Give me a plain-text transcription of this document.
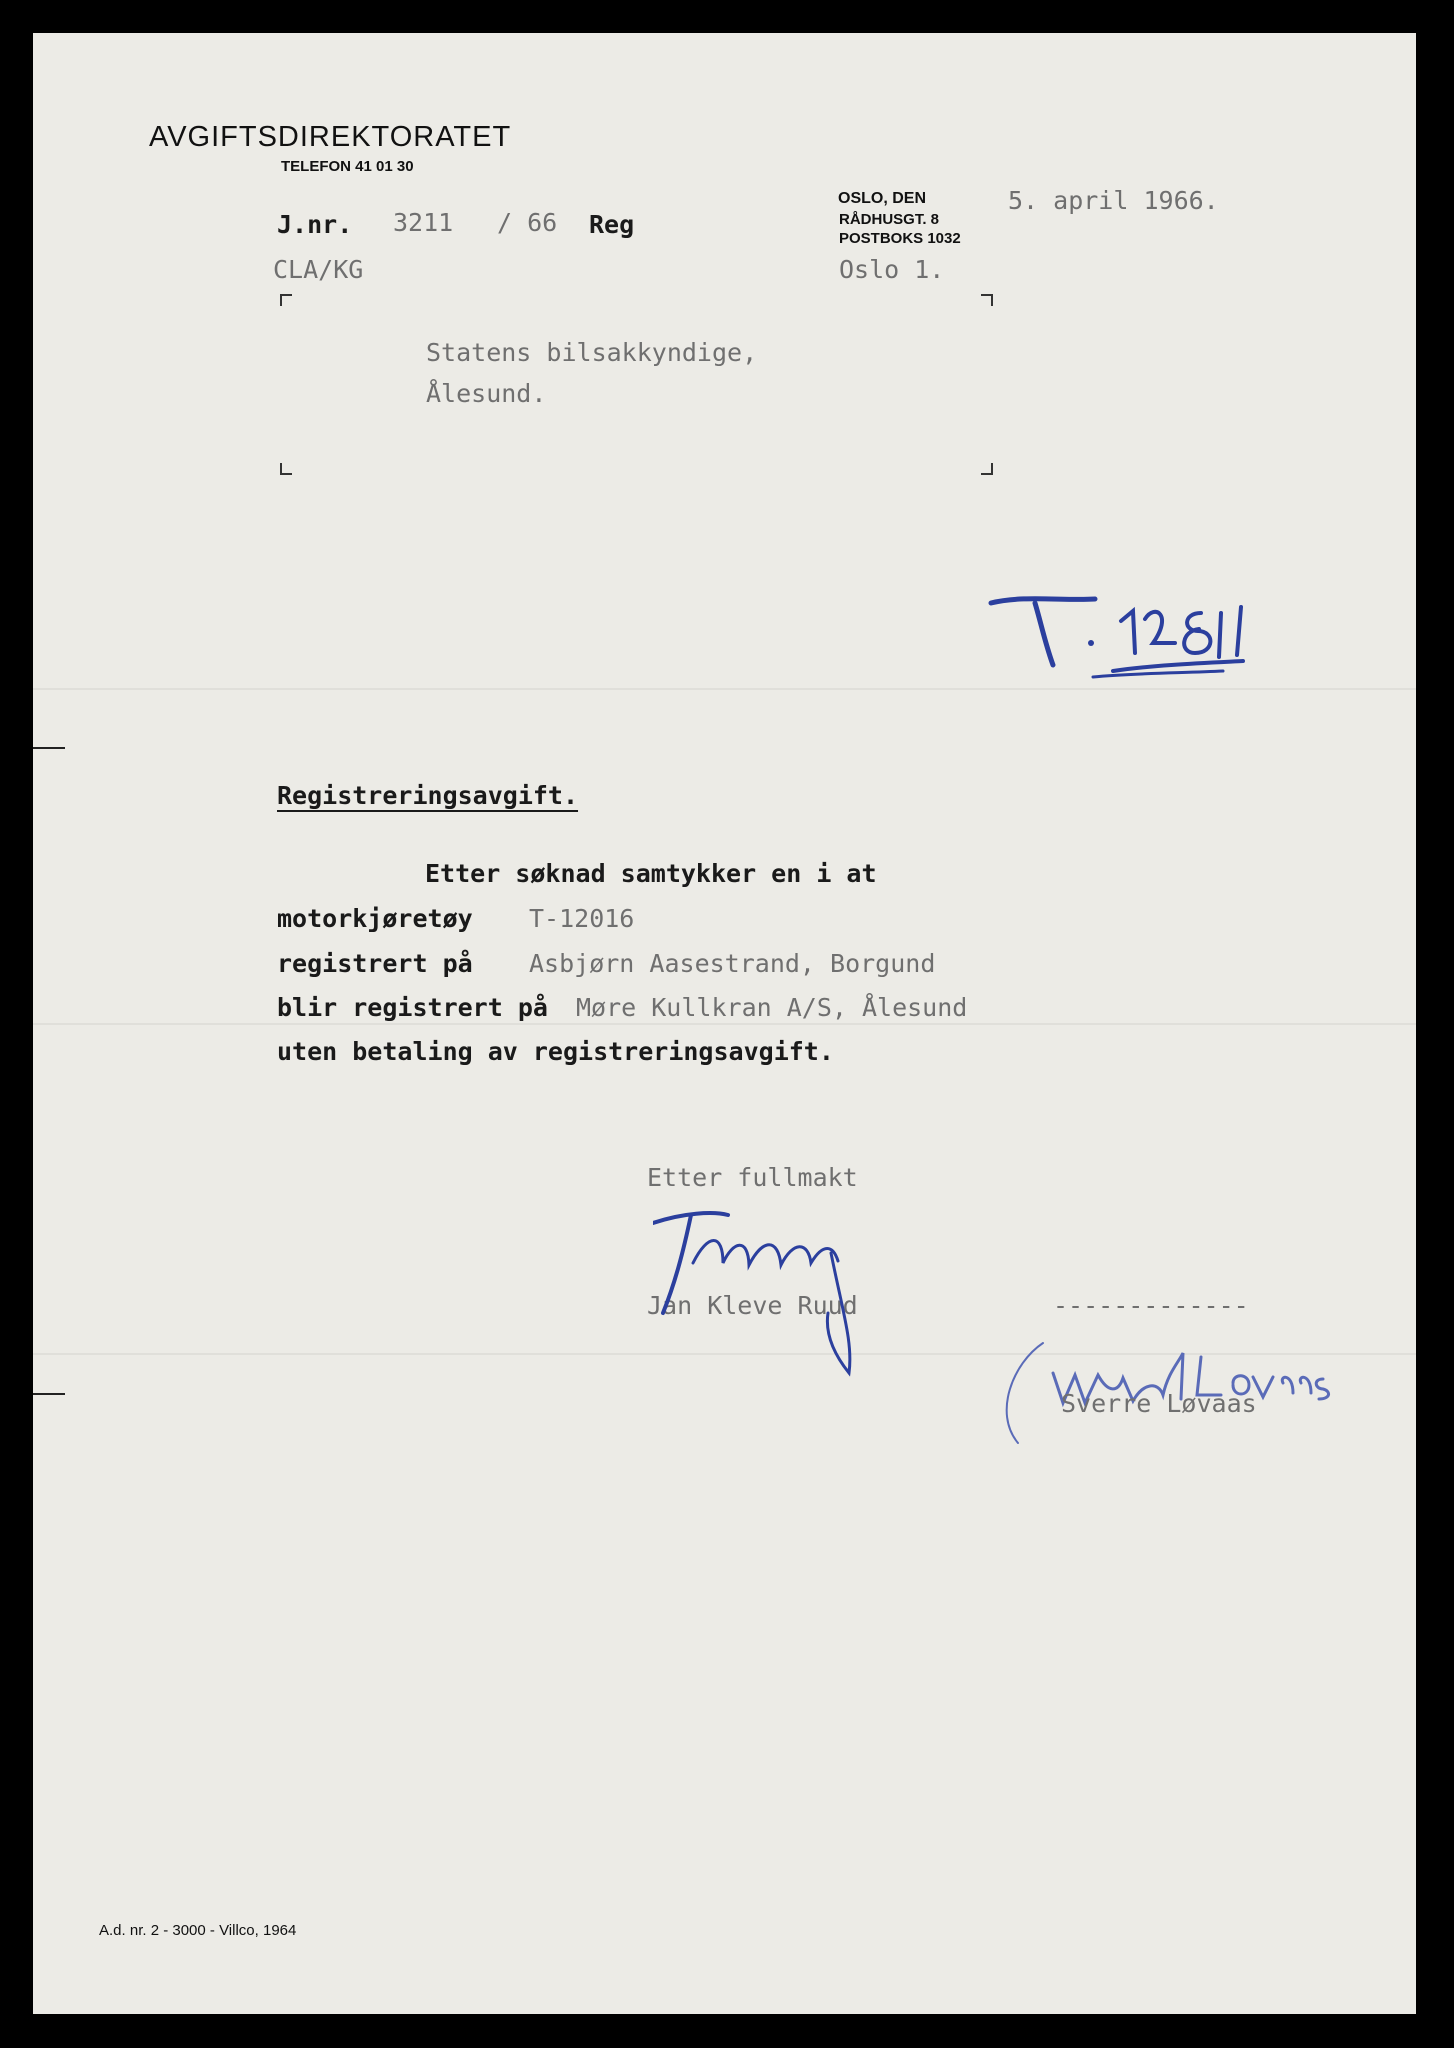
AVGIFTSDIREKTORATET
TELEFON 41 01 30
J.nr. 3211 / 66 Reg
CLA/KG
OSLO, DEN	5. april 1966.
RÅDHUSGT. 8
POSTBOKS 1032
Oslo 1.
Statens bilsakkyndige,
Ålesund.
Registreringsavgift.
Etter søknad samtykker en i at
motorkjøretøy T-12016
registrert på Asbjørn Aasestrand, Borgund
blir registrert på Møre Kullkran A/S, Ålesund
uten betaling av registreringsavgift.
Etter fullmakt
Jan Kleve Ruud	-------------
Sverre Løvaas
A.d. nr. 2 - 3000 - Villco, 1964
